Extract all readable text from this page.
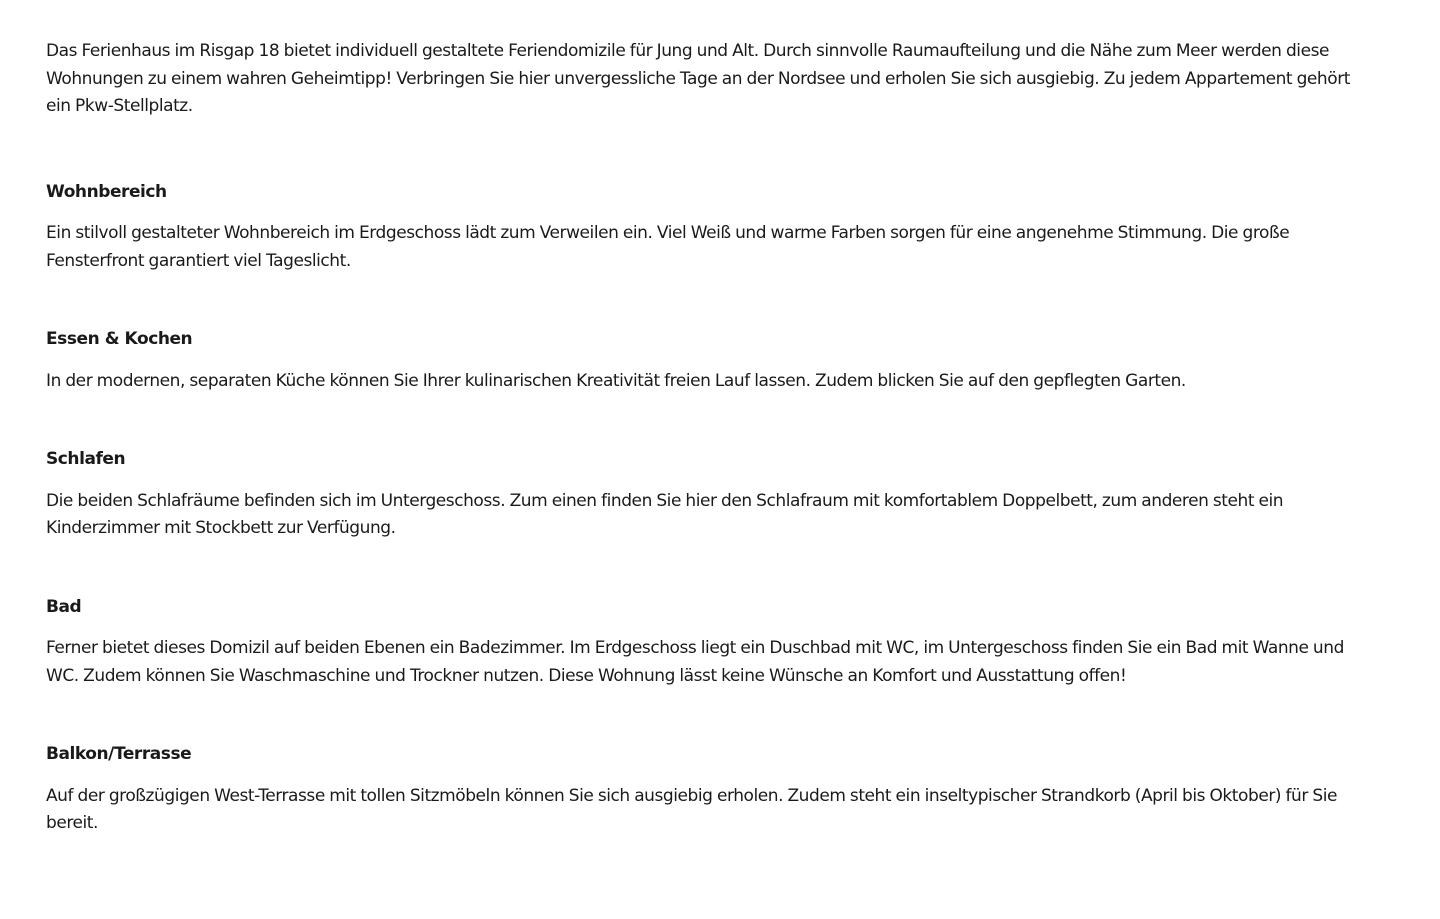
Das Ferienhaus im Risgap 18 bietet individuell gestaltete Feriendomizile für Jung und Alt. Durch sinnvolle Raumaufteilung und die Nähe zum Meer werden diese Wohnungen zu einem wahren Geheimtipp! Verbringen Sie hier unvergessliche Tage an der Nordsee und erholen Sie sich ausgiebig. Zu jedem Appartement gehört ein Pkw-Stellplatz.

Wohnbereich

Ein stilvoll gestalteter Wohnbereich im Erdgeschoss lädt zum Verweilen ein. Viel Weiß und warme Farben sorgen für eine angenehme Stimmung. Die große Fensterfront garantiert viel Tageslicht.

Essen & Kochen

In der modernen, separaten Küche können Sie Ihrer kulinarischen Kreativität freien Lauf lassen. Zudem blicken Sie auf den gepflegten Garten.

Schlafen

Die beiden Schlafräume befinden sich im Untergeschoss. Zum einen finden Sie hier den Schlafraum mit komfortablem Doppelbett, zum anderen steht ein Kinderzimmer mit Stockbett zur Verfügung.

Bad

Ferner bietet dieses Domizil auf beiden Ebenen ein Badezimmer. Im Erdgeschoss liegt ein Duschbad mit WC, im Untergeschoss finden Sie ein Bad mit Wanne und WC. Zudem können Sie Waschmaschine und Trockner nutzen. Diese Wohnung lässt keine Wünsche an Komfort und Ausstattung offen!

Balkon/Terrasse

Auf der großzügigen West-Terrasse mit tollen Sitzmöbeln können Sie sich ausgiebig erholen. Zudem steht ein inseltypischer Strandkorb (April bis Oktober) für Sie bereit.
